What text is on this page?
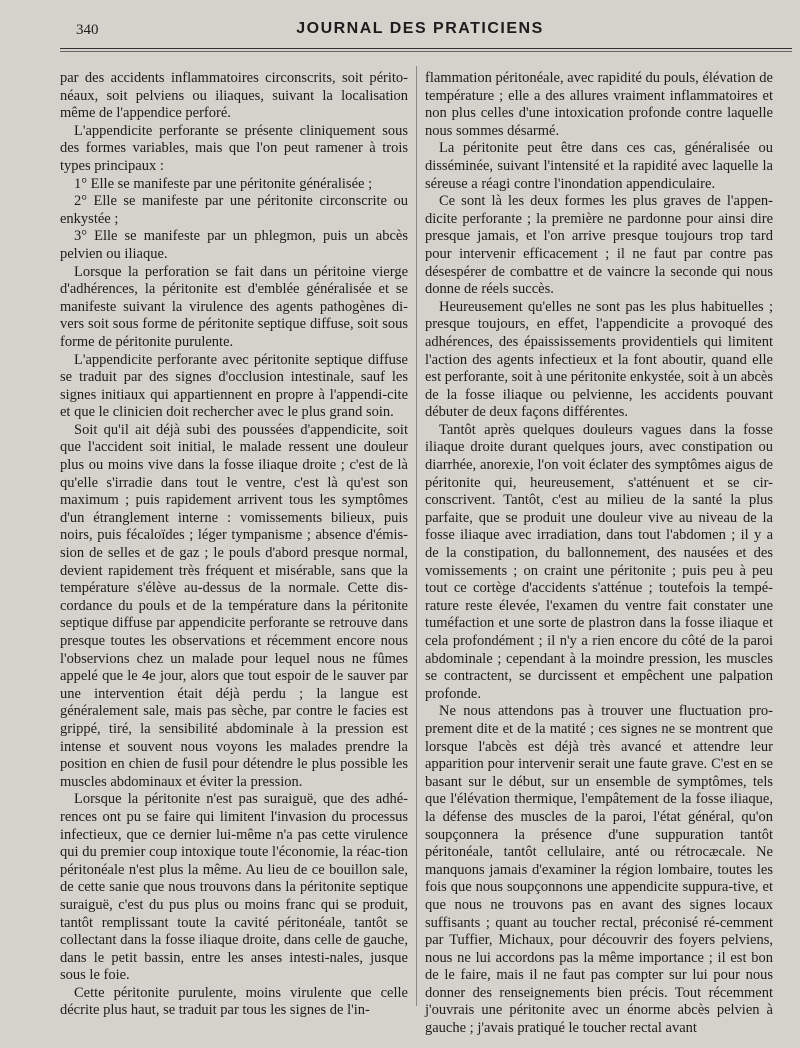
340	JOURNAL DES PRATICIENS

par des accidents inflammatoires circonscrits, soit périto-néaux, soit pelviens ou iliaques, suivant la localisation même de l'appendice perforé.

L'appendicite perforante se présente cliniquement sous des formes variables, mais que l'on peut ramener à trois types principaux :

1° Elle se manifeste par une péritonite généralisée ;

2° Elle se manifeste par une péritonite circonscrite ou enkystée ;

3° Elle se manifeste par un phlegmon, puis un abcès pelvien ou iliaque.

Lorsque la perforation se fait dans un péritoine vierge d'adhérences, la péritonite est d'emblée généralisée et se manifeste suivant la virulence des agents pathogènes di-vers soit sous forme de péritonite septique diffuse, soit sous forme de péritonite purulente.

L'appendicite perforante avec péritonite septique diffuse se traduit par des signes d'occlusion intestinale, sauf les signes initiaux qui appartiennent en propre à l'appendi-cite et que le clinicien doit rechercher avec le plus grand soin.

Soit qu'il ait déjà subi des poussées d'appendicite, soit que l'accident soit initial, le malade ressent une douleur plus ou moins vive dans la fosse iliaque droite ; c'est de là qu'elle s'irradie dans tout le ventre, c'est là qu'est son maximum ; puis rapidement arrivent tous les symptômes d'un étranglement interne : vomissements bilieux, puis noirs, puis fécaloïdes ; léger tympanisme ; absence d'émis-sion de selles et de gaz ; le pouls d'abord presque normal, devient rapidement très fréquent et misérable, sans que la température s'élève au-dessus de la normale. Cette dis-cordance du pouls et de la température dans la péritonite septique diffuse par appendicite perforante se retrouve dans presque toutes les observations et récemment encore nous l'observions chez un malade pour lequel nous ne fûmes appelé que le 4e jour, alors que tout espoir de le sauver par une intervention était déjà perdu ; la langue est généralement sale, mais pas sèche, par contre le facies est grippé, tiré, la sensibilité abdominale à la pression est intense et souvent nous voyons les malades prendre la position en chien de fusil pour détendre le plus possible les muscles abdominaux et éviter la pression.

Lorsque la péritonite n'est pas suraiguë, que des adhé-rences ont pu se faire qui limitent l'invasion du processus infectieux, que ce dernier lui-même n'a pas cette virulence qui du premier coup intoxique toute l'économie, la réac-tion péritonéale n'est plus la même. Au lieu de ce bouillon sale, de cette sanie que nous trouvons dans la péritonite septique suraiguë, c'est du pus plus ou moins franc qui se produit, tantôt remplissant toute la cavité péritonéale, tantôt se collectant dans la fosse iliaque droite, dans celle de gauche, dans le petit bassin, entre les anses intesti-nales, jusque sous le foie.

Cette péritonite purulente, moins virulente que celle décrite plus haut, se traduit par tous les signes de l'in-

flammation péritonéale, avec rapidité du pouls, élévation de température ; elle a des allures vraiment inflammatoires et non plus celles d'une intoxication profonde contre laquelle nous sommes désarmé.

La péritonite peut être dans ces cas, généralisée ou disséminée, suivant l'intensité et la rapidité avec laquelle la séreuse a réagi contre l'inondation appendiculaire.

Ce sont là les deux formes les plus graves de l'appen-dicite perforante ; la première ne pardonne pour ainsi dire presque jamais, et l'on arrive presque toujours trop tard pour intervenir efficacement ; il ne faut par contre pas désespérer de combattre et de vaincre la seconde qui nous donne de réels succès.

Heureusement qu'elles ne sont pas les plus habituelles ; presque toujours, en effet, l'appendicite a provoqué des adhérences, des épaississements providentiels qui limitent l'action des agents infectieux et la font aboutir, quand elle est perforante, soit à une péritonite enkystée, soit à un abcès de la fosse iliaque ou pelvienne, les accidents pouvant débuter de deux façons différentes.

Tantôt après quelques douleurs vagues dans la fosse iliaque droite durant quelques jours, avec constipation ou diarrhée, anorexie, l'on voit éclater des symptômes aigus de péritonite qui, heureusement, s'atténuent et se cir-conscrivent. Tantôt, c'est au milieu de la santé la plus parfaite, que se produit une douleur vive au niveau de la fosse iliaque avec irradiation, dans tout l'abdomen ; il y a de la constipation, du ballonnement, des nausées et des vomissements ; on craint une péritonite ; puis peu à peu tout ce cortège d'accidents s'atténue ; toutefois la tempé-rature reste élevée, l'examen du ventre fait constater une tuméfaction et une sorte de plastron dans la fosse iliaque et cela profondément ; il n'y a rien encore du côté de la paroi abdominale ; cependant à la moindre pression, les muscles se contractent, se durcissent et empêchent une palpation profonde.

Ne nous attendons pas à trouver une fluctuation pro-prement dite et de la matité ; ces signes ne se montrent que lorsque l'abcès est déjà très avancé et attendre leur apparition pour intervenir serait une faute grave. C'est en se basant sur le début, sur un ensemble de symptômes, tels que l'élévation thermique, l'empâtement de la fosse iliaque, la défense des muscles de la paroi, l'état général, qu'on soupçonnera la présence d'une suppuration tantôt péritonéale, tantôt cellulaire, anté ou rétrocæcale. Ne manquons jamais d'examiner la région lombaire, toutes les fois que nous soupçonnons une appendicite suppura-tive, et que nous ne trouvons pas en avant des signes locaux suffisants ; quant au toucher rectal, préconisé ré-cemment par Tuffier, Michaux, pour découvrir des foyers pelviens, nous ne lui accordons pas la même importance ; il est bon de le faire, mais il ne faut pas compter sur lui pour nous donner des renseignements bien précis. Tout récemment j'ouvrais une péritonite avec un énorme abcès pelvien à gauche ; j'avais pratiqué le toucher rectal avant
